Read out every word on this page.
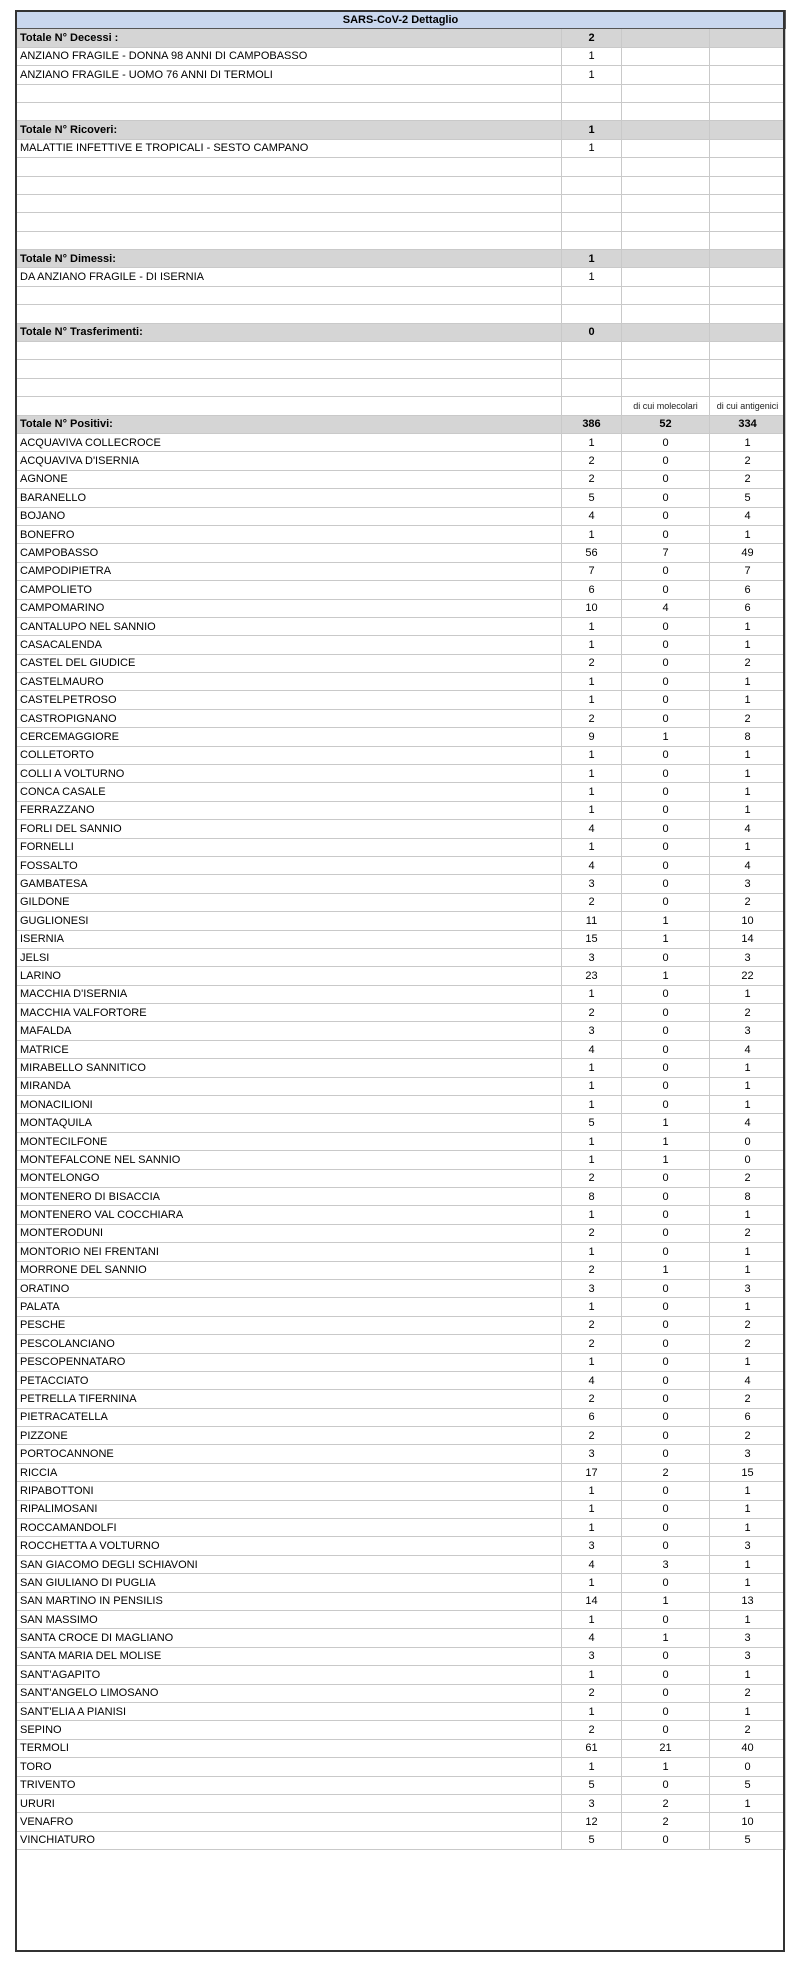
SARS-CoV-2 Dettaglio			
Totale N° Decessi :	2		
ANZIANO FRAGILE - DONNA 98 ANNI DI CAMPOBASSO	1		
ANZIANO FRAGILE - UOMO 76 ANNI DI TERMOLI	1		

Totale N° Ricoveri:	1		
MALATTIE INFETTIVE E TROPICALI - SESTO CAMPANO	1		

Totale N° Dimessi:	1		
DA ANZIANO FRAGILE - DI ISERNIA	1		

Totale N° Trasferimenti:	0		

		di cui molecolari	di cui antigenici
Totale N° Positivi:	386	52	334
ACQUAVIVA COLLECROCE	1	0	1
ACQUAVIVA D'ISERNIA	2	0	2
AGNONE	2	0	2
BARANELLO	5	0	5
BOJANO	4	0	4
BONEFRO	1	0	1
CAMPOBASSO	56	7	49
CAMPODIPIETRA	7	0	7
CAMPOLIETO	6	0	6
CAMPOMARINO	10	4	6
CANTALUPO NEL SANNIO	1	0	1
CASACALENDA	1	0	1
CASTEL DEL GIUDICE	2	0	2
CASTELMAURO	1	0	1
CASTELPETROSO	1	0	1
CASTROPIGNANO	2	0	2
CERCEMAGGIORE	9	1	8
COLLETORTO	1	0	1
COLLI A VOLTURNO	1	0	1
CONCA CASALE	1	0	1
FERRAZZANO	1	0	1
FORLI DEL SANNIO	4	0	4
FORNELLI	1	0	1
FOSSALTO	4	0	4
GAMBATESA	3	0	3
GILDONE	2	0	2
GUGLIONESI	11	1	10
ISERNIA	15	1	14
JELSI	3	0	3
LARINO	23	1	22
MACCHIA D'ISERNIA	1	0	1
MACCHIA VALFORTORE	2	0	2
MAFALDA	3	0	3
MATRICE	4	0	4
MIRABELLO SANNITICO	1	0	1
MIRANDA	1	0	1
MONACILIONI	1	0	1
MONTAQUILA	5	1	4
MONTECILFONE	1	1	0
MONTEFALCONE NEL SANNIO	1	1	0
MONTELONGO	2	0	2
MONTENERO DI BISACCIA	8	0	8
MONTENERO VAL COCCHIARA	1	0	1
MONTERODUNI	2	0	2
MONTORIO NEI FRENTANI	1	0	1
MORRONE DEL SANNIO	2	1	1
ORATINO	3	0	3
PALATA	1	0	1
PESCHE	2	0	2
PESCOLANCIANO	2	0	2
PESCOPENNATARO	1	0	1
PETACCIATO	4	0	4
PETRELLA TIFERNINA	2	0	2
PIETRACATELLA	6	0	6
PIZZONE	2	0	2
PORTOCANNONE	3	0	3
RICCIA	17	2	15
RIPABOTTONI	1	0	1
RIPALIMOSANI	1	0	1
ROCCAMANDOLFI	1	0	1
ROCCHETTA A VOLTURNO	3	0	3
SAN GIACOMO DEGLI SCHIAVONI	4	3	1
SAN GIULIANO DI PUGLIA	1	0	1
SAN MARTINO IN PENSILIS	14	1	13
SAN MASSIMO	1	0	1
SANTA CROCE DI MAGLIANO	4	1	3
SANTA MARIA DEL MOLISE	3	0	3
SANT'AGAPITO	1	0	1
SANT'ANGELO LIMOSANO	2	0	2
SANT'ELIA A PIANISI	1	0	1
SEPINO	2	0	2
TERMOLI	61	21	40
TORO	1	1	0
TRIVENTO	5	0	5
URURI	3	2	1
VENAFRO	12	2	10
VINCHIATURO	5	0	5
